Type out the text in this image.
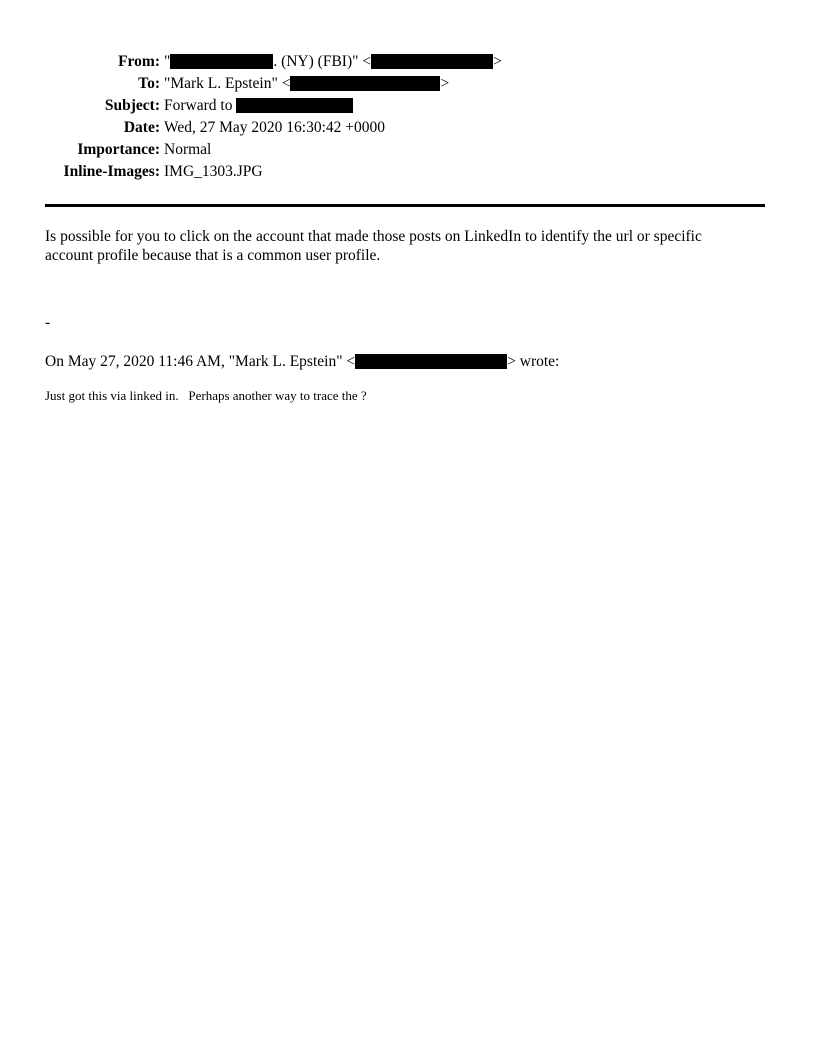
From: "	. (NY) (FBI)" <	>
To: "Mark L. Epstein" <	>
Subject: Forward to
Date: Wed, 27 May 2020 16:30:42 +0000
Importance: Normal
Inline-Images: IMG_1303.JPG
Is possible for you to click on the account that made those posts on LinkedIn to identify the url or specific
account profile because that is a common user profile.
-
On May 27, 2020 11:46 AM, "Mark L. Epstein" <	> wrote:
Just got this via linked in.   Perhaps another way to trace the ?
